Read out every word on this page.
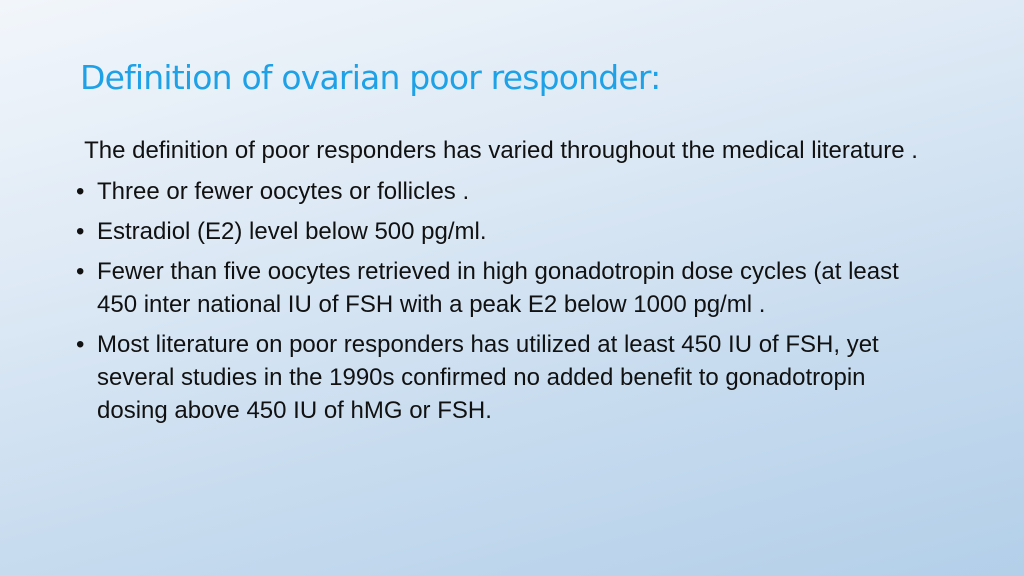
Definition of ovarian poor responder:

The definition of poor responders has varied throughout the medical literature .

• Three or fewer oocytes or follicles .
• Estradiol (E2) level below 500 pg/ml.
• Fewer than five oocytes retrieved in high gonadotropin dose cycles (at least 450 inter national IU of FSH with a peak E2 below 1000 pg/ml .
• Most literature on poor responders has utilized at least 450 IU of FSH, yet several studies in the 1990s confirmed no added benefit to gonadotropin dosing above 450 IU of hMG or FSH.
